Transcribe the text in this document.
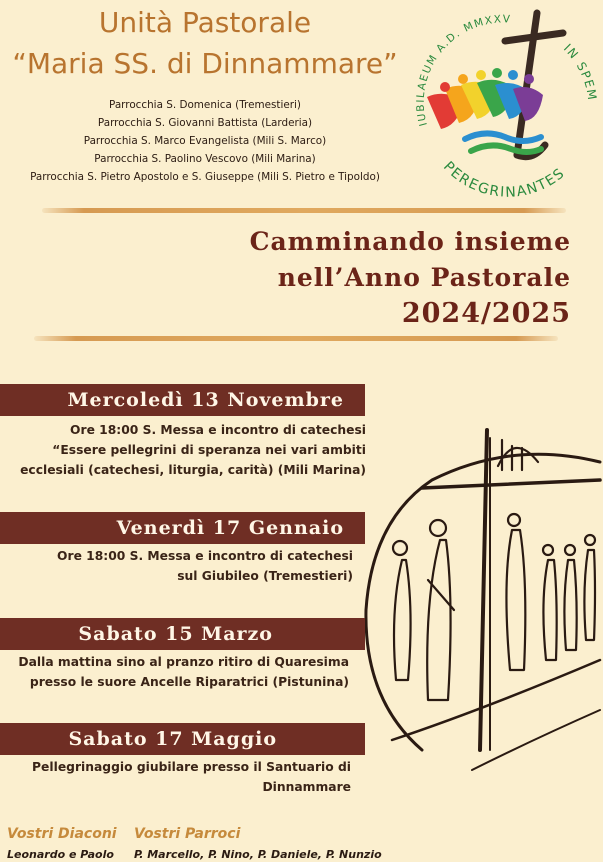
Unità Pastorale
“Maria SS. di Dinnammare”
Parrocchia S. Domenica (Tremestieri)
Parrocchia S. Giovanni Battista (Larderia)
Parrocchia S. Marco Evangelista (Mili S. Marco)
Parrocchia S. Paolino Vescovo (Mili Marina)
Parrocchia S. Pietro Apostolo e S. Giuseppe (Mili S. Pietro e Tipoldo)
IUBILAEUM A.D. MMXXV
IN SPEM
PEREGRINANTES
Camminando insieme
nell’Anno Pastorale
2024/2025
Mercoledì 13 Novembre
Ore 18:00 S. Messa e incontro di catechesi
“Essere pellegrini di speranza nei vari ambiti
ecclesiali (catechesi, liturgia, carità) (Mili Marina)
Venerdì 17 Gennaio
Ore 18:00 S. Messa e incontro di catechesi
sul Giubileo (Tremestieri)
Sabato 15 Marzo
Dalla mattina sino al pranzo ritiro di Quaresima
presso le suore Ancelle Riparatrici (Pistunina)
Sabato 17 Maggio
Pellegrinaggio giubilare presso il Santuario di
Dinnammare
Vostri Diaconi
Leonardo e Paolo
Vostri Parroci
P. Marcello, P. Nino, P. Daniele, P. Nunzio
